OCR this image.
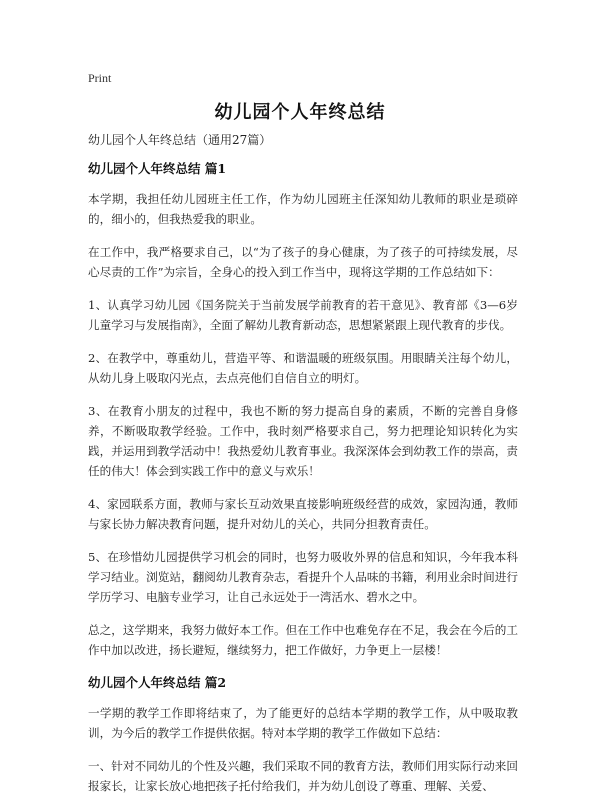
Print
幼儿园个人年终总结

幼儿园个人年终总结（通用27篇）

幼儿园个人年终总结 篇1

本学期，我担任幼儿园班主任工作，作为幼儿园班主任深知幼儿教师的职业是琐碎的，细小的，但我热爱我的职业。

在工作中，我严格要求自己，以“为了孩子的身心健康，为了孩子的可持续发展，尽心尽责的工作”为宗旨，全身心的投入到工作当中，现将这学期的工作总结如下：

1、认真学习幼儿园《国务院关于当前发展学前教育的若干意见》、教育部《3—6岁儿童学习与发展指南》，全面了解幼儿教育新动态，思想紧紧跟上现代教育的步伐。

2、在教学中，尊重幼儿，营造平等、和谐温暖的班级氛围。用眼睛关注每个幼儿，从幼儿身上吸取闪光点，去点亮他们自信自立的明灯。

3、在教育小朋友的过程中，我也不断的努力提高自身的素质，不断的完善自身修养，不断吸取教学经验。工作中，我时刻严格要求自己，努力把理论知识转化为实践，并运用到教学活动中！我热爱幼儿教育事业。我深深体会到幼教工作的崇高，责任的伟大！体会到实践工作中的意义与欢乐！

4、家园联系方面，教师与家长互动效果直接影响班级经营的成效，家园沟通，教师与家长协力解决教育问题，提升对幼儿的关心，共同分担教育责任。

5、在珍惜幼儿园提供学习机会的同时，也努力吸收外界的信息和知识，今年我本科学习结业。浏览站，翻阅幼儿教育杂志，看提升个人品味的书籍，利用业余时间进行学历学习、电脑专业学习，让自己永远处于一湾活水、碧水之中。

总之，这学期来，我努力做好本工作。但在工作中也难免存在不足，我会在今后的工作中加以改进，扬长避短，继续努力，把工作做好，力争更上一层楼！

幼儿园个人年终总结 篇2

一学期的教学工作即将结束了，为了能更好的总结本学期的教学工作，从中吸取教训，为今后的教学工作提供依据。特对本学期的教学工作做如下总结：

一、针对不同幼儿的个性及兴趣，我们采取不同的教育方法，教师们用实际行动来回报家长，让家长放心地把孩子托付给我们，并为幼儿创设了尊重、理解、关爱、
